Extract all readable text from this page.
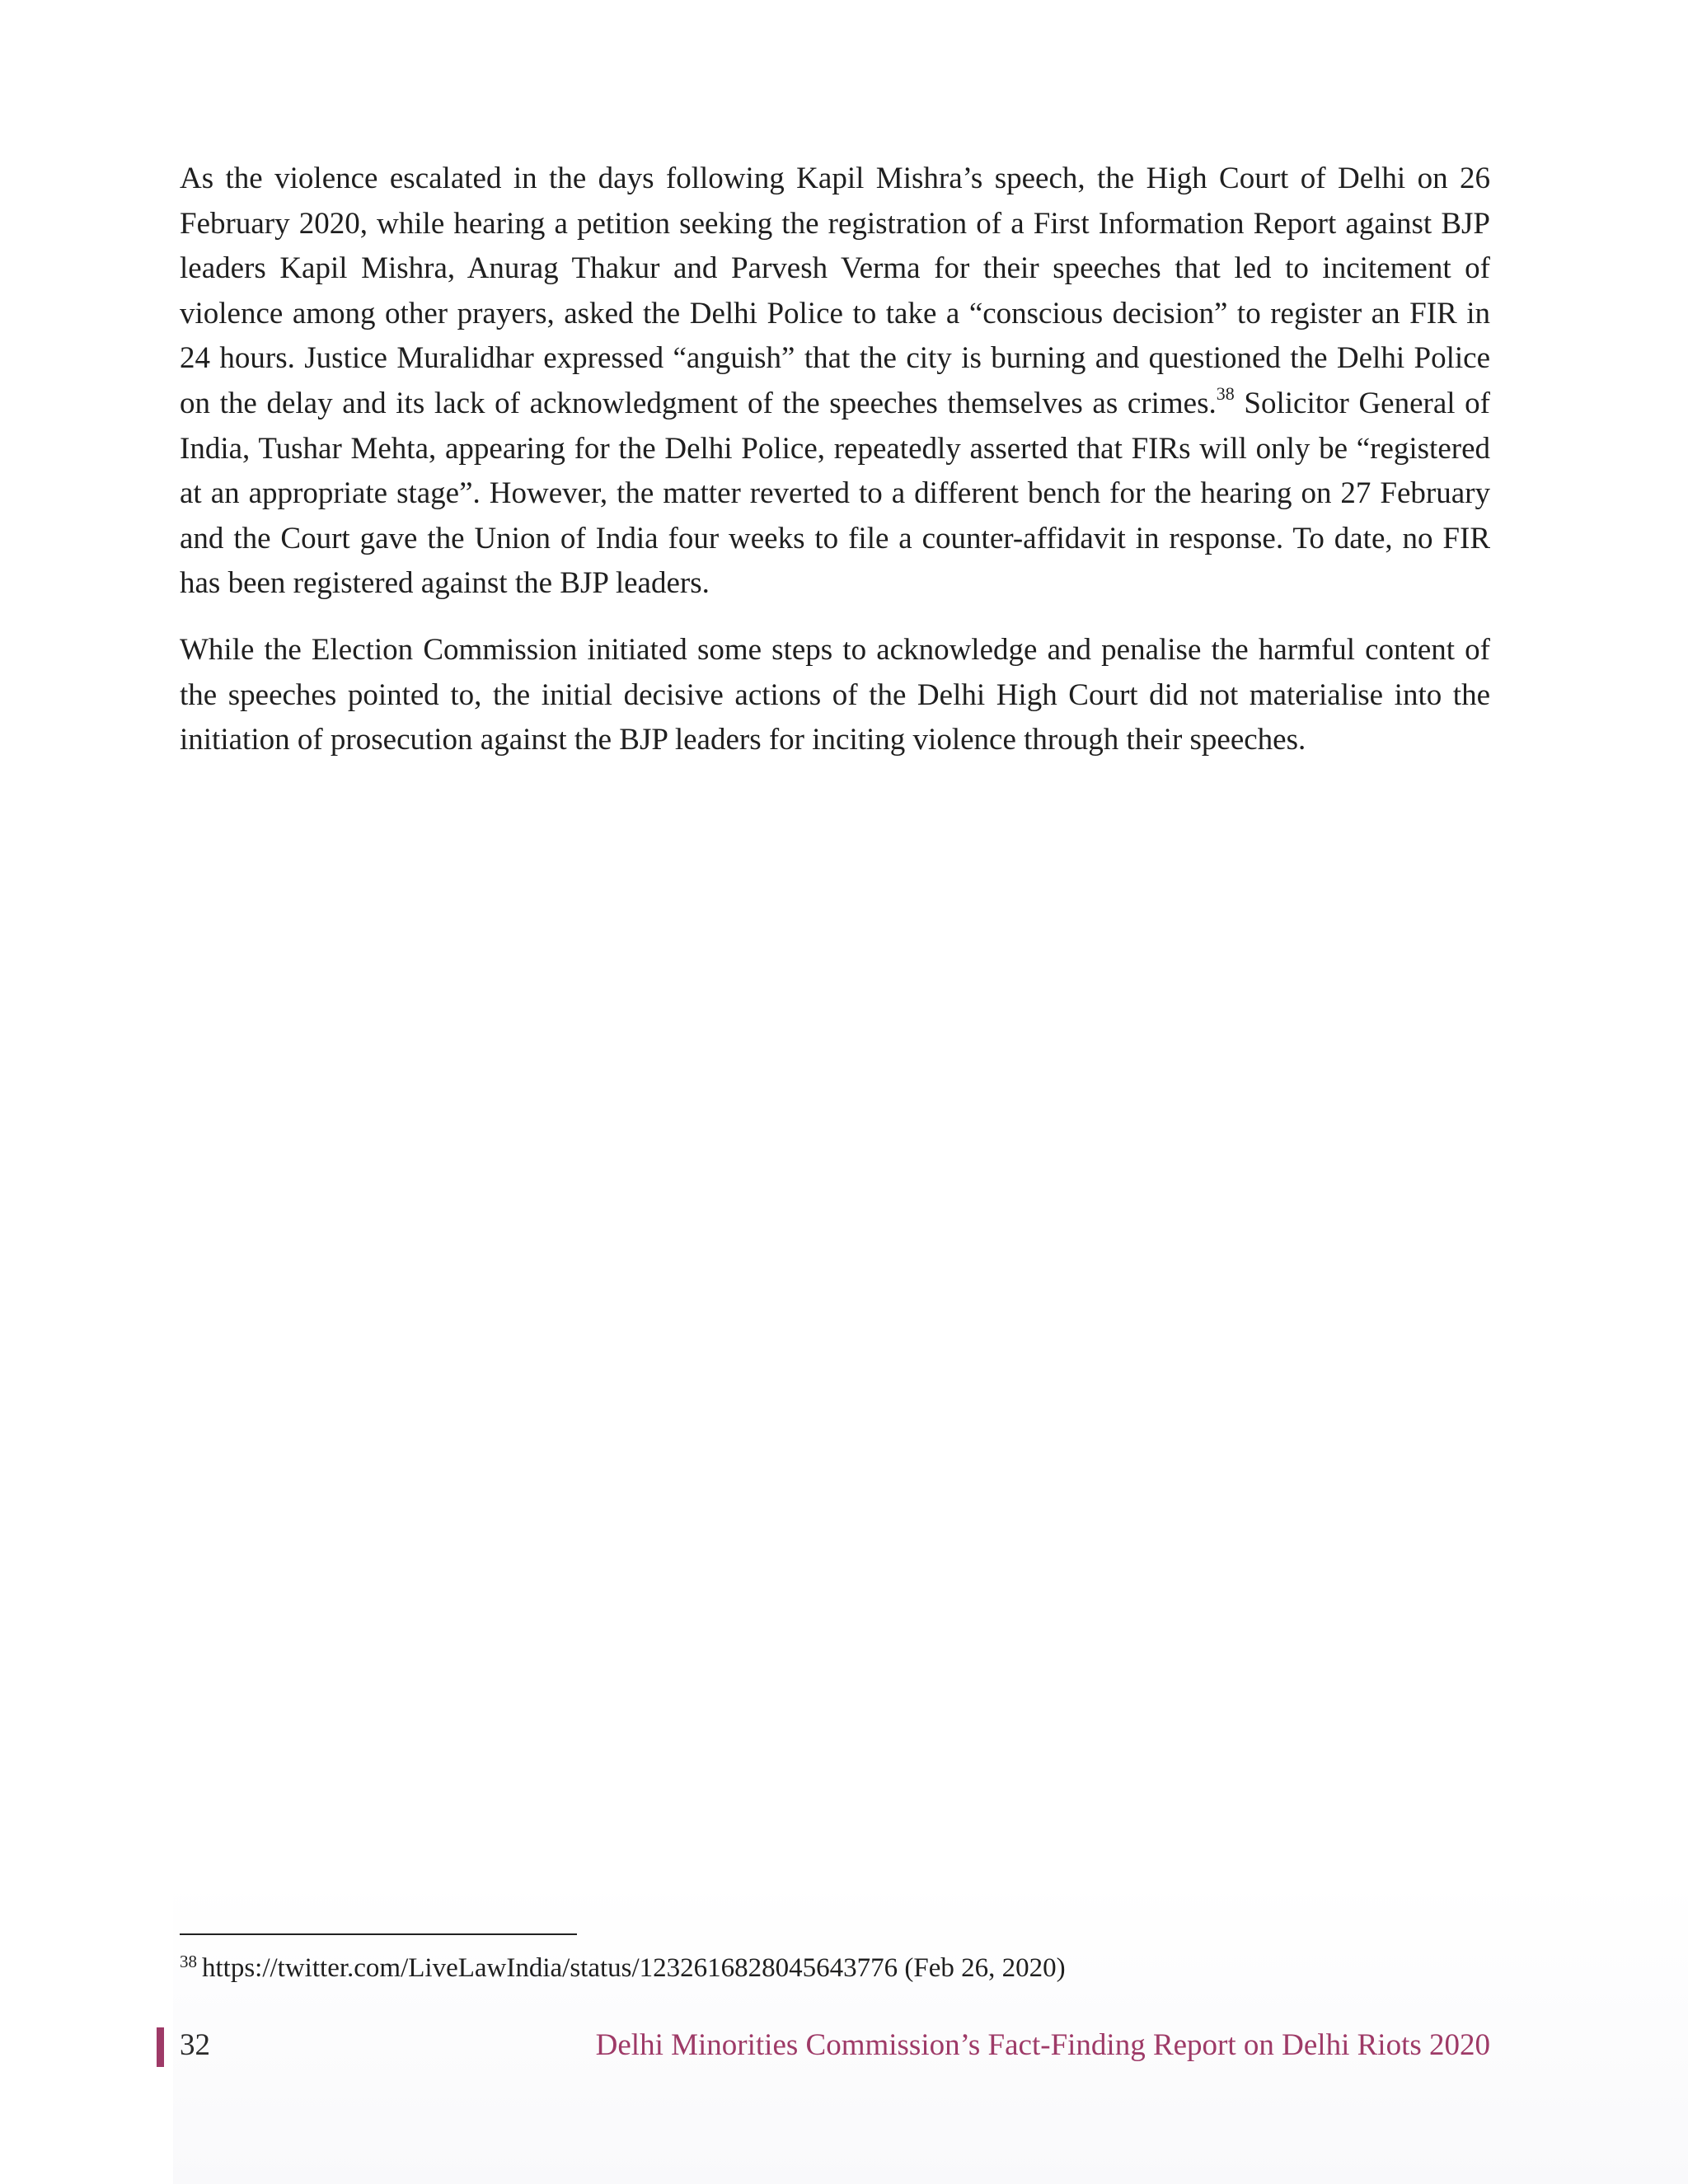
As the violence escalated in the days following Kapil Mishra’s speech, the High Court of Delhi on 26 February 2020, while hearing a petition seeking the registration of a First Information Report against BJP leaders Kapil Mishra, Anurag Thakur and Parvesh Verma for their speeches that led to incitement of violence among other prayers, asked the Delhi Police to take a “conscious decision” to register an FIR in 24 hours. Justice Muralidhar expressed “anguish” that the city is burning and questioned the Delhi Police on the delay and its lack of acknowledgment of the speeches themselves as crimes.$^{38}$ Solicitor General of India, Tushar Mehta, appearing for the Delhi Police, repeatedly asserted that FIRs will only be “registered at an appropriate stage”. However, the matter reverted to a different bench for the hearing on 27 February and the Court gave the Union of India four weeks to file a counter-affidavit in response. To date, no FIR has been registered against the BJP leaders.

While the Election Commission initiated some steps to acknowledge and penalise the harmful content of the speeches pointed to, the initial decisive actions of the Delhi High Court did not materialise into the initiation of prosecution against the BJP leaders for inciting violence through their speeches.

$^{38}$ https://twitter.com/LiveLawIndia/status/1232616828045643776 (Feb 26, 2020)
32	Delhi Minorities Commission’s Fact-Finding Report on Delhi Riots 2020
